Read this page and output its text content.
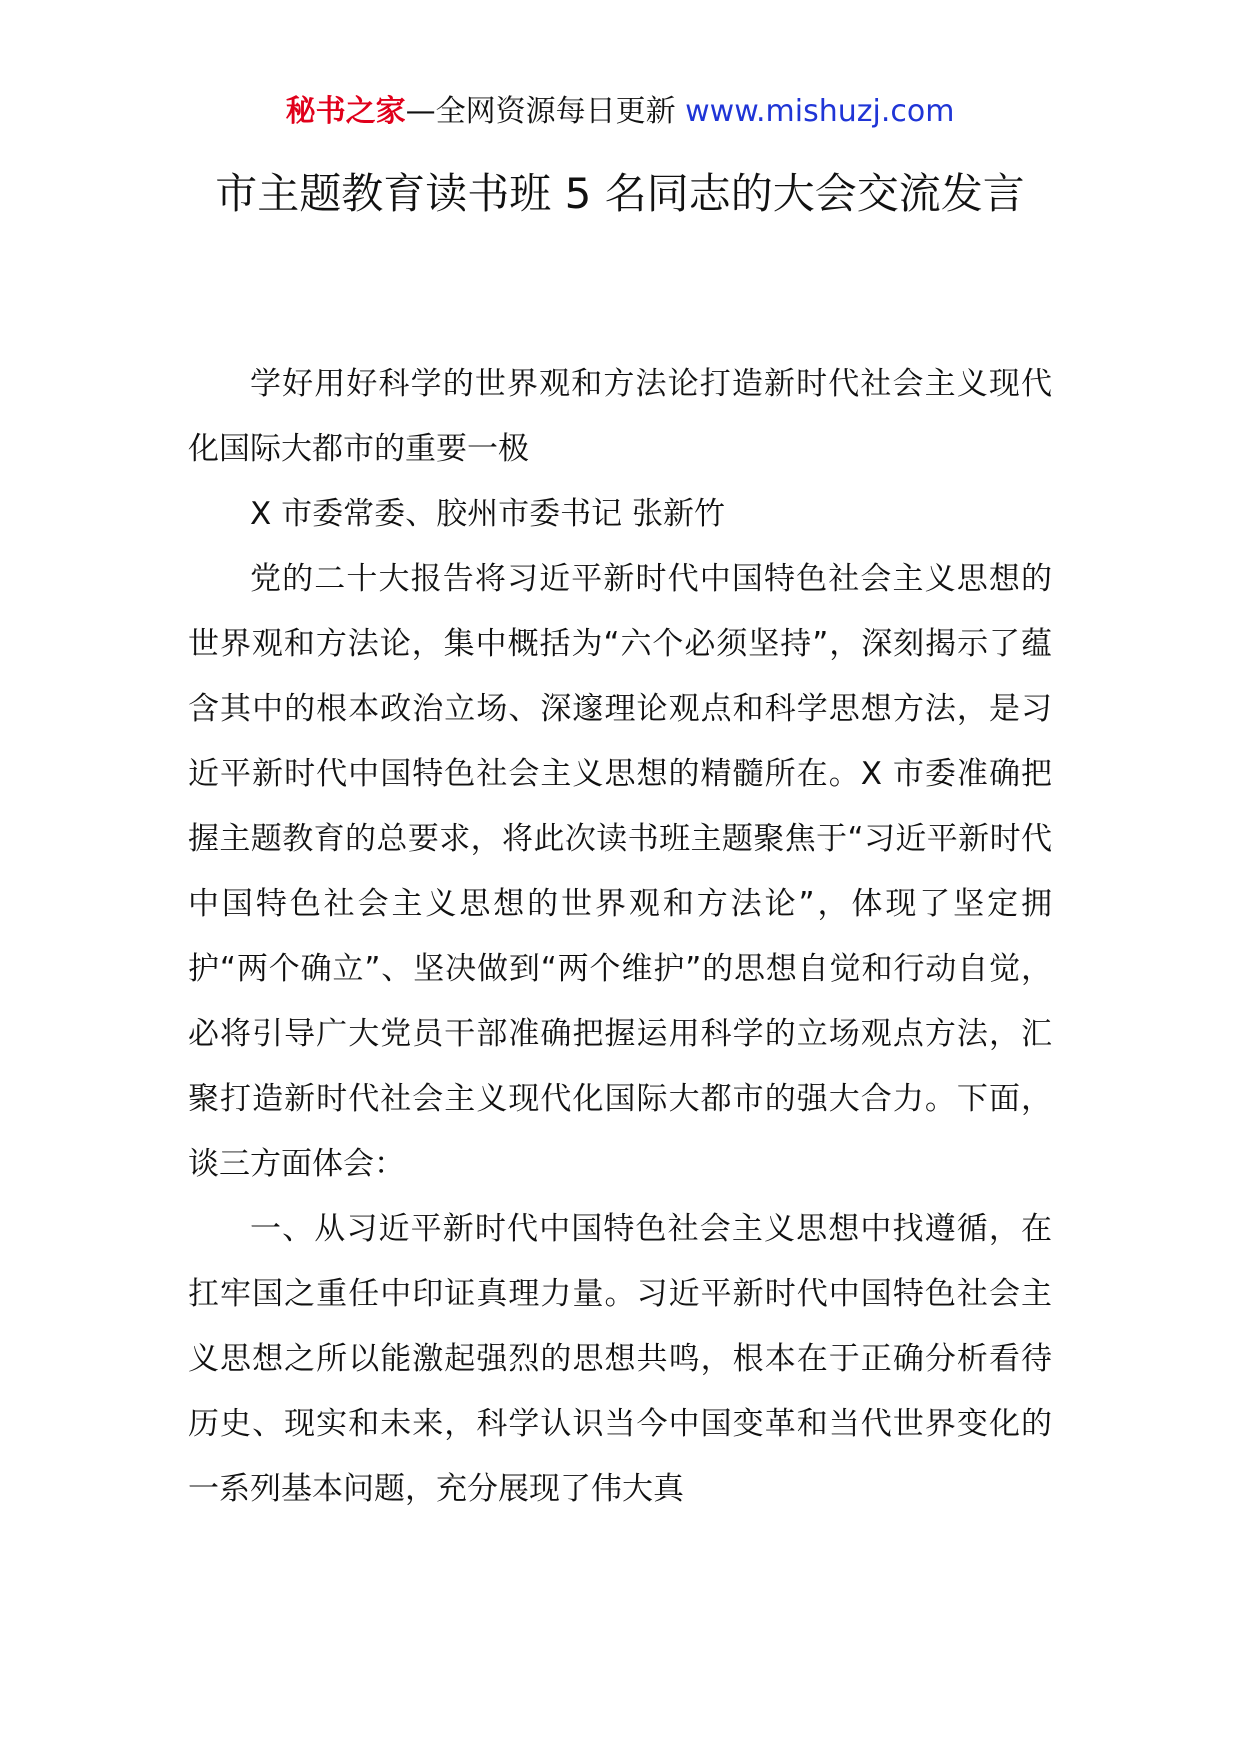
秘书之家—全网资源每日更新 www.mishuzj.com
市主题教育读书班 5 名同志的大会交流发言

学好用好科学的世界观和方法论打造新时代社会主义现代化国际大都市的重要一极

X 市委常委、胶州市委书记 张新竹

党的二十大报告将习近平新时代中国特色社会主义思想的世界观和方法论，集中概括为“六个必须坚持”，深刻揭示了蕴含其中的根本政治立场、深邃理论观点和科学思想方法，是习近平新时代中国特色社会主义思想的精髓所在。X 市委准确把握主题教育的总要求，将此次读书班主题聚焦于“习近平新时代中国特色社会主义思想的世界观和方法论”，体现了坚定拥护“两个确立”、坚决做到“两个维护”的思想自觉和行动自觉，必将引导广大党员干部准确把握运用科学的立场观点方法，汇聚打造新时代社会主义现代化国际大都市的强大合力。下面，谈三方面体会：

一、从习近平新时代中国特色社会主义思想中找遵循，在扛牢国之重任中印证真理力量。习近平新时代中国特色社会主义思想之所以能激起强烈的思想共鸣，根本在于正确分析看待历史、现实和未来，科学认识当今中国变革和当代世界变化的一系列基本问题，充分展现了伟大真
